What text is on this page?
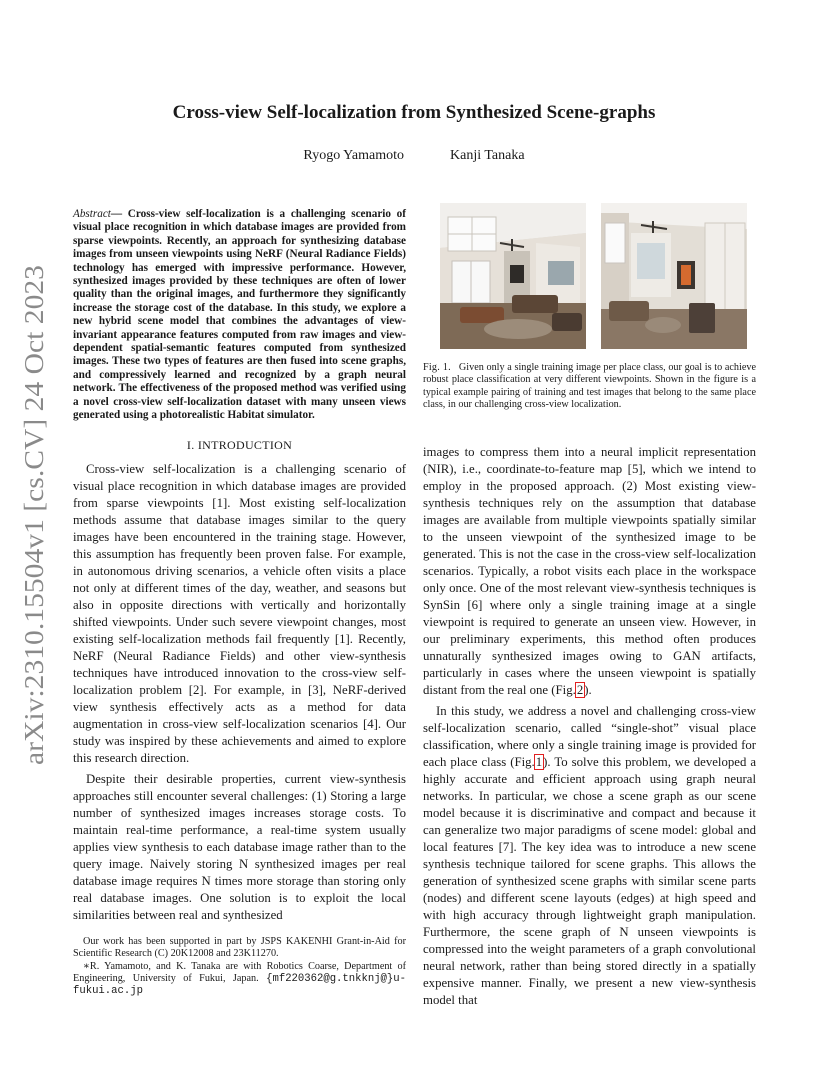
arXiv:2310.15504v1 [cs.CV] 24 Oct 2023
Cross-view Self-localization from Synthesized Scene-graphs
Ryogo Yamamoto	Kanji Tanaka

Abstract— Cross-view self-localization is a challenging scenario of visual place recognition in which database images are provided from sparse viewpoints. Recently, an approach for synthesizing database images from unseen viewpoints using NeRF (Neural Radiance Fields) technology has emerged with impressive performance. However, synthesized images provided by these techniques are often of lower quality than the original images, and furthermore they significantly increase the storage cost of the database. In this study, we explore a new hybrid scene model that combines the advantages of view-invariant appearance features computed from raw images and view-dependent spatial-semantic features computed from synthesized images. These two types of features are then fused into scene graphs, and compressively learned and recognized by a graph neural network. The effectiveness of the proposed method was verified using a novel cross-view self-localization dataset with many unseen views generated using a photorealistic Habitat simulator.

I. INTRODUCTION

Cross-view self-localization is a challenging scenario of visual place recognition in which database images are provided from sparse viewpoints [1]. Most existing self-localization methods assume that database images similar to the query images have been encountered in the training stage. However, this assumption has frequently been proven false. For example, in autonomous driving scenarios, a vehicle often visits a place not only at different times of the day, weather, and seasons but also in opposite directions with vertically and horizontally shifted viewpoints. Under such severe viewpoint changes, most existing self-localization methods fail frequently [1]. Recently, NeRF (Neural Radiance Fields) and other view-synthesis techniques have introduced innovation to the cross-view self-localization problem [2]. For example, in [3], NeRF-derived view synthesis effectively acts as a method for data augmentation in cross-view self-localization scenarios [4]. Our study was inspired by these achievements and aimed to explore this research direction.

Despite their desirable properties, current view-synthesis approaches still encounter several challenges: (1) Storing a large number of synthesized images increases storage costs. To maintain real-time performance, a real-time system usually applies view synthesis to each database image rather than to the query image. Naively storing N synthesized images per real database image requires N times more storage than storing only real database images. One solution is to exploit the local similarities between real and synthesized

Our work has been supported in part by JSPS KAKENHI Grant-in-Aid for Scientific Research (C) 20K12008 and 23K11270.

∗R. Yamamoto, and K. Tanaka are with Robotics Coarse, Department of Engineering, University of Fukui, Japan. {mf220362@g.tnkknj@}u-fukui.ac.jp

Fig. 1. Given only a single training image per place class, our goal is to achieve robust place classification at very different viewpoints. Shown in the figure is a typical example pairing of training and test images that belong to the same place class, in our challenging cross-view localization.

images to compress them into a neural implicit representation (NIR), i.e., coordinate-to-feature map [5], which we intend to employ in the proposed approach. (2) Most existing view-synthesis techniques rely on the assumption that database images are available from multiple viewpoints spatially similar to the unseen viewpoint of the synthesized image to be generated. This is not the case in the cross-view self-localization scenarios. Typically, a robot visits each place in the workspace only once. One of the most relevant view-synthesis techniques is SynSin [6] where only a single training image at a single viewpoint is required to generate an unseen view. However, in our preliminary experiments, this method often produces unnaturally synthesized images owing to GAN artifacts, particularly in cases where the unseen viewpoint is spatially distant from the real one (Fig.2).

In this study, we address a novel and challenging cross-view self-localization scenario, called “single-shot” visual place classification, where only a single training image is provided for each place class (Fig.1). To solve this problem, we developed a highly accurate and efficient approach using graph neural networks. In particular, we chose a scene graph as our scene model because it is discriminative and compact and because it can generalize two major paradigms of scene model: global and local features [7]. The key idea was to introduce a new scene synthesis technique tailored for scene graphs. This allows the generation of synthesized scene graphs with similar scene parts (nodes) and different scene layouts (edges) at high speed and with high accuracy through lightweight graph manipulation. Furthermore, the scene graph of N unseen viewpoints is compressed into the weight parameters of a graph convolutional neural network, rather than being stored directly in a spatially expensive manner. Finally, we present a new view-synthesis model that
